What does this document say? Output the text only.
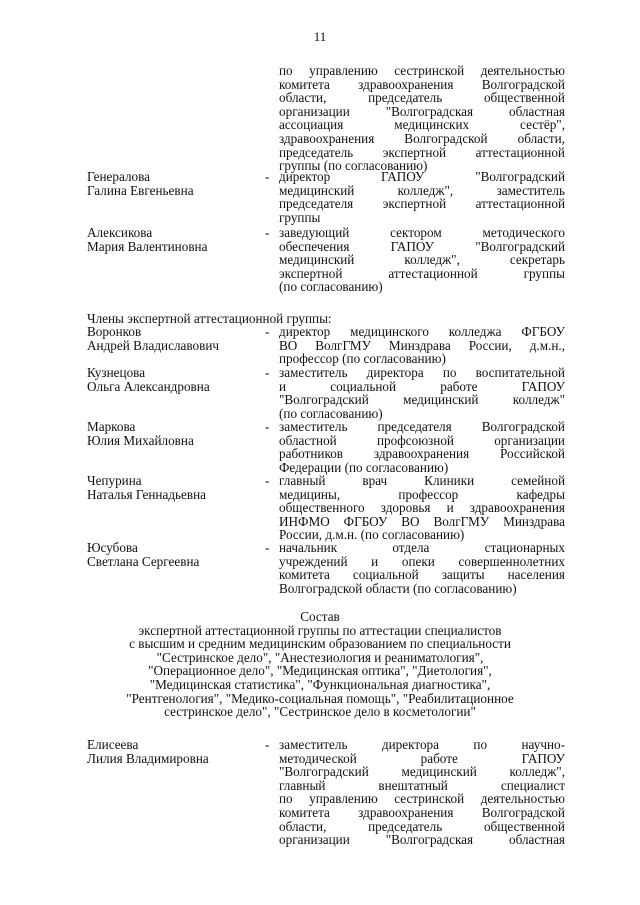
11
по управлению сестринской деятельностью
комитета здравоохранения Волгоградской
области, председатель общественной
организации "Волгоградская областная
ассоциация медицинских сестёр",
здравоохранения Волгоградской области,
председатель экспертной аттестационной
группы (по согласованию)
Генералова
Галина Евгеньевна
- директор ГАПОУ "Волгоградский
медицинский колледж", заместитель
председателя экспертной аттестационной
группы
Алексикова
Мария Валентиновна
- заведующий сектором методического
обеспечения ГАПОУ "Волгоградский
медицинский колледж", секретарь
экспертной аттестационной группы
(по согласованию)
Члены экспертной аттестационной группы:
Воронков
Андрей Владиславович
- директор медицинского колледжа ФГБОУ
ВО ВолгГМУ Минздрава России, д.м.н.,
профессор (по согласованию)
Кузнецова
Ольга Александровна
- заместитель директора по воспитательной
и социальной работе ГАПОУ
"Волгоградский медицинский колледж"
(по согласованию)
Маркова
Юлия Михайловна
- заместитель председателя Волгоградской
областной профсоюзной организации
работников здравоохранения Российской
Федерации (по согласованию)
Чепурина
Наталья Геннадьевна
- главный врач Клиники семейной
медицины, профессор кафедры
общественного здоровья и здравоохранения
ИНФМО ФГБОУ ВО ВолгГМУ Минздрава
России, д.м.н. (по согласованию)
Юсубова
Светлана Сергеевна
- начальник отдела стационарных
учреждений и опеки совершеннолетних
комитета социальной защиты населения
Волгоградской области (по согласованию)
Состав
экспертной аттестационной группы по аттестации специалистов
с высшим и средним медицинским образованием по специальности
"Сестринское дело", "Анестезиология и реаниматология",
"Операционное дело", "Медицинская оптика", "Диетология",
"Медицинская статистика", "Функциональная диагностика",
"Рентгенология", "Медико-социальная помощь", "Реабилитационное
сестринское дело", "Сестринское дело в косметологии"
Елисеева
Лилия Владимировна
- заместитель директора по научно-
методической работе ГАПОУ
"Волгоградский медицинский колледж",
главный внештатный специалист
по управлению сестринской деятельностью
комитета здравоохранения Волгоградской
области, председатель общественной
организации "Волгоградская областная
